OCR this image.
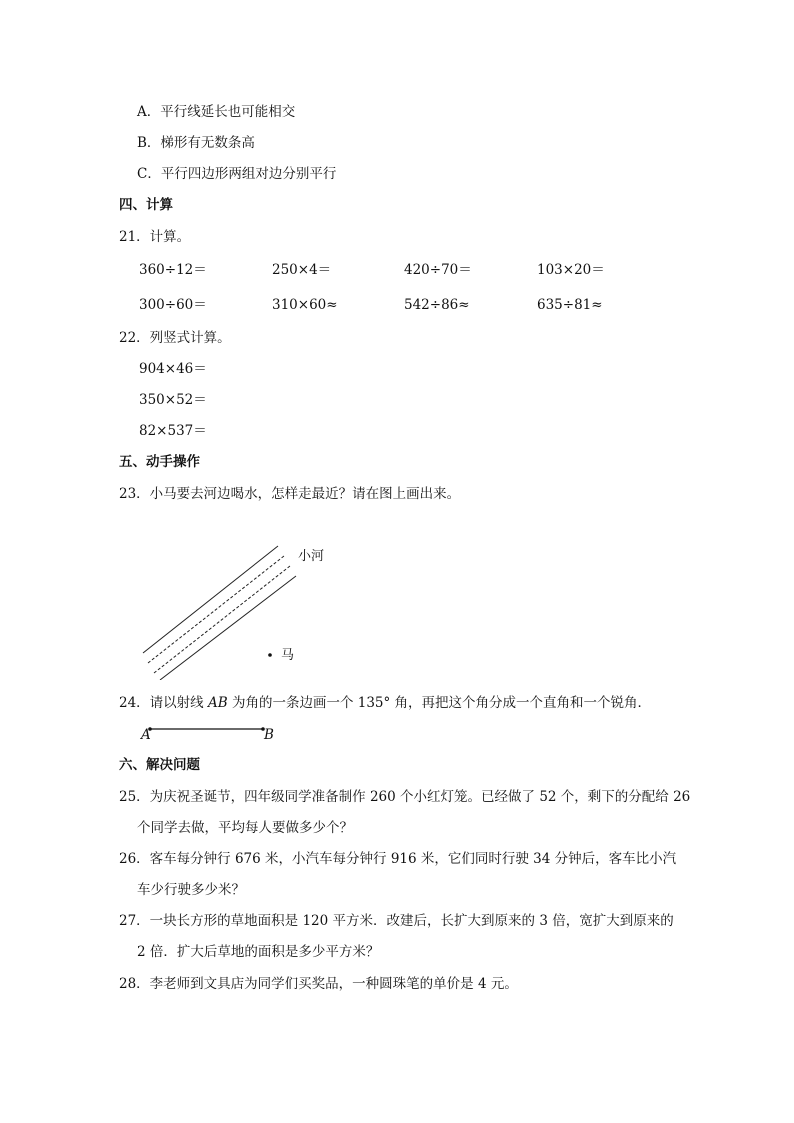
A．平行线延长也可能相交
B．梯形有无数条高
C．平行四边形两组对边分别平行
四、计算
21．计算。
360÷12＝	250×4＝	420÷70＝	103×20＝
300÷60＝	310×60≈	542÷86≈	635÷81≈
22．列竖式计算。
904×46＝
350×52＝
82×537＝
五、动手操作
23．小马要去河边喝水，怎样走最近？请在图上画出来。
小河
马
24．请以射线 AB 为角的一条边画一个 135° 角，再把这个角分成一个直角和一个锐角．
A	B
六、解决问题
25．为庆祝圣诞节，四年级同学准备制作 260 个小红灯笼。已经做了 52 个，剩下的分配给 26
个同学去做，平均每人要做多少个？
26．客车每分钟行 676 米，小汽车每分钟行 916 米，它们同时行驶 34 分钟后，客车比小汽
车少行驶多少米？
27．一块长方形的草地面积是 120 平方米．改建后，长扩大到原来的 3 倍，宽扩大到原来的
2 倍．扩大后草地的面积是多少平方米？
28．李老师到文具店为同学们买奖品，一种圆珠笔的单价是 4 元。
